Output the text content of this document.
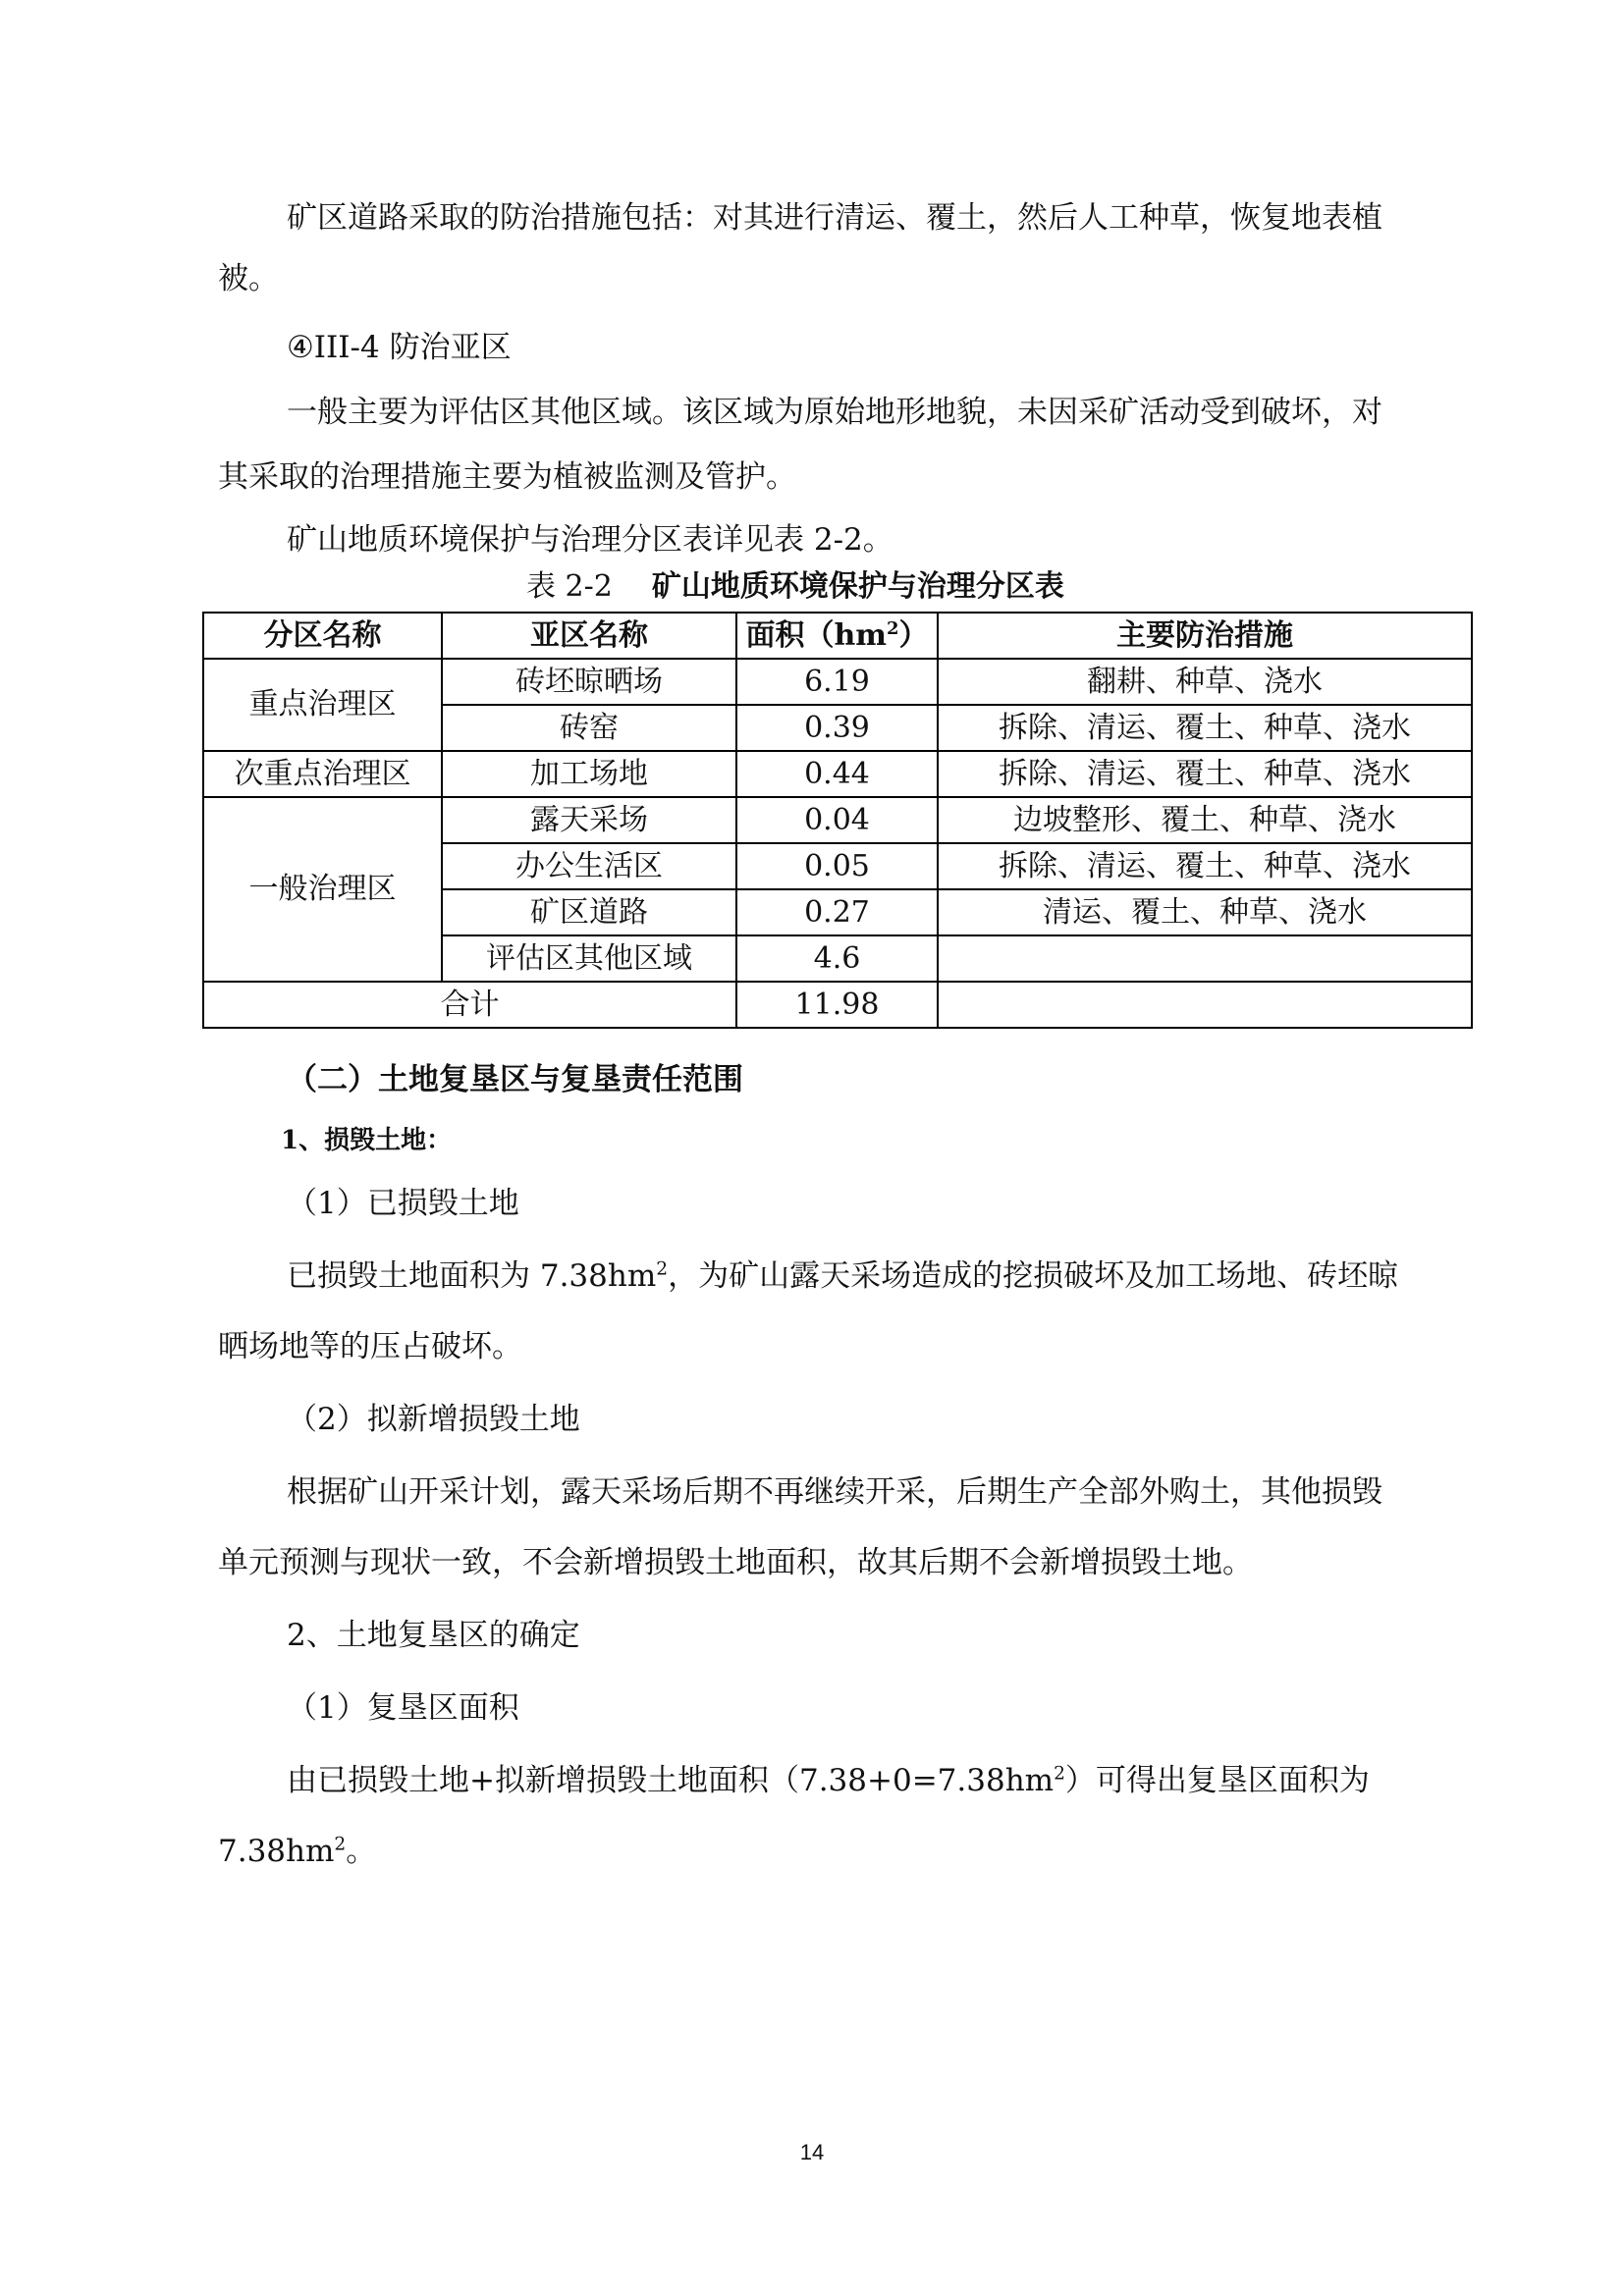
矿区道路采取的防治措施包括：对其进行清运、覆土，然后人工种草，恢复地表植
被。
④III-4 防治亚区
一般主要为评估区其他区域。该区域为原始地形地貌，未因采矿活动受到破坏，对
其采取的治理措施主要为植被监测及管护。
矿山地质环境保护与治理分区表详见表 2-2。
表 2-2 矿山地质环境保护与治理分区表
分区名称	亚区名称	面积$(hm^2)$	主要防治措施
重点治理区	砖坯晾晒场	6.19	翻耕、种草、浇水
	砖窑	0.39	拆除、清运、覆土、种草、浇水
次重点治理区	加工场地	0.44	拆除、清运、覆土、种草、浇水
一般治理区	露天采场	0.04	边坡整形、覆土、种草、浇水
	办公生活区	0.05	拆除、清运、覆土、种草、浇水
	矿区道路	0.27	清运、覆土、种草、浇水
	评估区其他区域	4.6	
合计		11.98	
（二）土地复垦区与复垦责任范围
1、损毁土地：
（1）已损毁土地
已损毁土地面积为 $7.38hm^2$，为矿山露天采场造成的挖损破坏及加工场地、砖坯晾
晒场地等的压占破坏。
（2）拟新增损毁土地
根据矿山开采计划，露天采场后期不再继续开采，后期生产全部外购土，其他损毁
单元预测与现状一致，不会新增损毁土地面积，故其后期不会新增损毁土地。
2、土地复垦区的确定
（1）复垦区面积
由已损毁土地+拟新增损毁土地面积$(7.38+0=7.38hm^2)$可得出复垦区面积为
$7.38hm^2$。
14
